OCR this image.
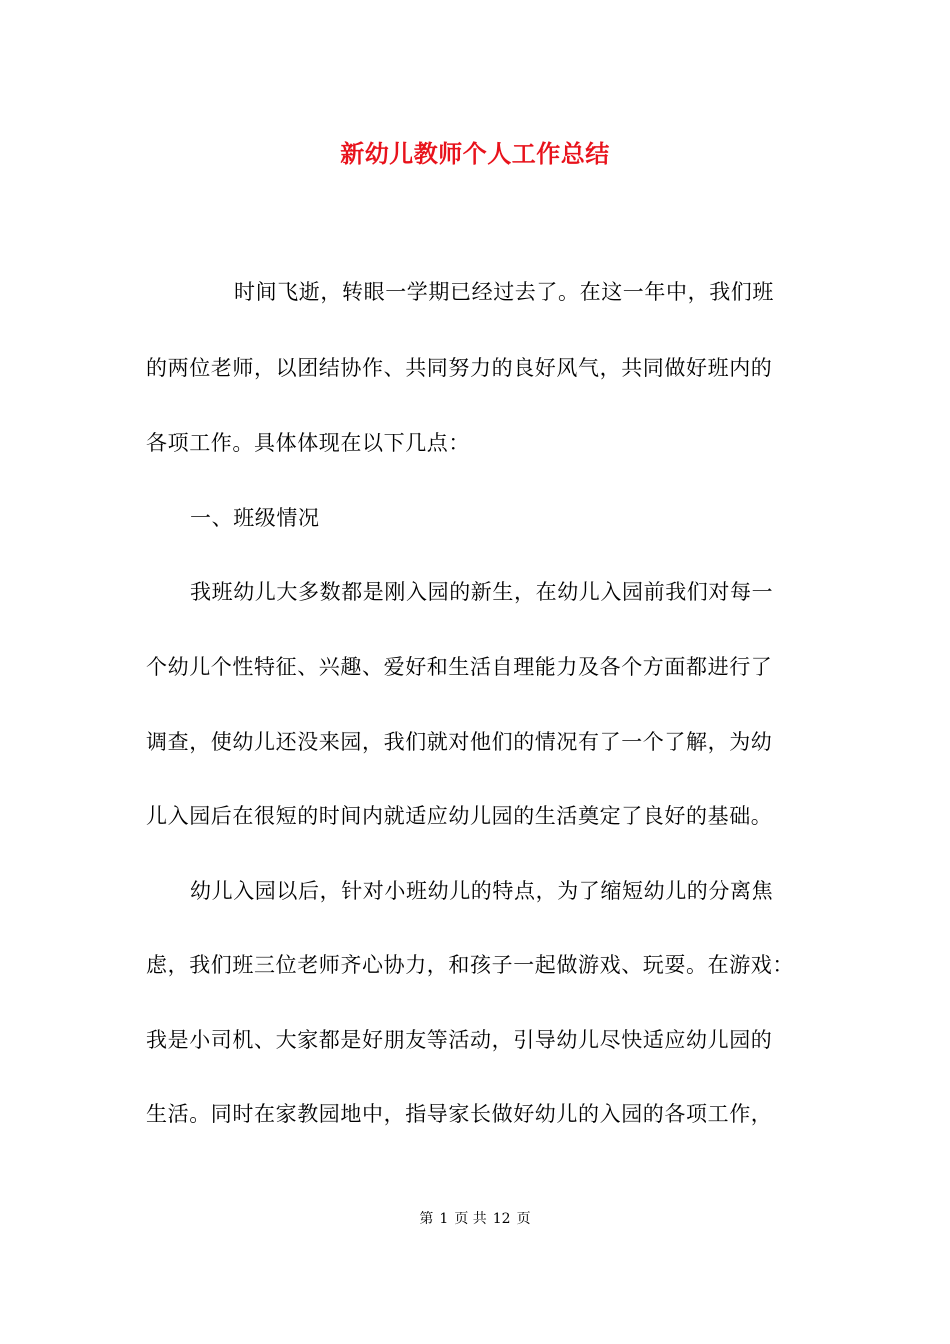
新幼儿教师个人工作总结
时间飞逝，转眼一学期已经过去了。在这一年中，我们班
的两位老师，以团结协作、共同努力的良好风气，共同做好班内的
各项工作。具体体现在以下几点：
一、班级情况
我班幼儿大多数都是刚入园的新生，在幼儿入园前我们对每一
个幼儿个性特征、兴趣、爱好和生活自理能力及各个方面都进行了
调查，使幼儿还没来园，我们就对他们的情况有了一个了解，为幼
儿入园后在很短的时间内就适应幼儿园的生活奠定了良好的基础。
幼儿入园以后，针对小班幼儿的特点，为了缩短幼儿的分离焦
虑，我们班三位老师齐心协力，和孩子一起做游戏、玩耍。在游戏：
我是小司机、大家都是好朋友等活动，引导幼儿尽快适应幼儿园的
生活。同时在家教园地中，指导家长做好幼儿的入园的各项工作，
第 1 页 共 12 页
